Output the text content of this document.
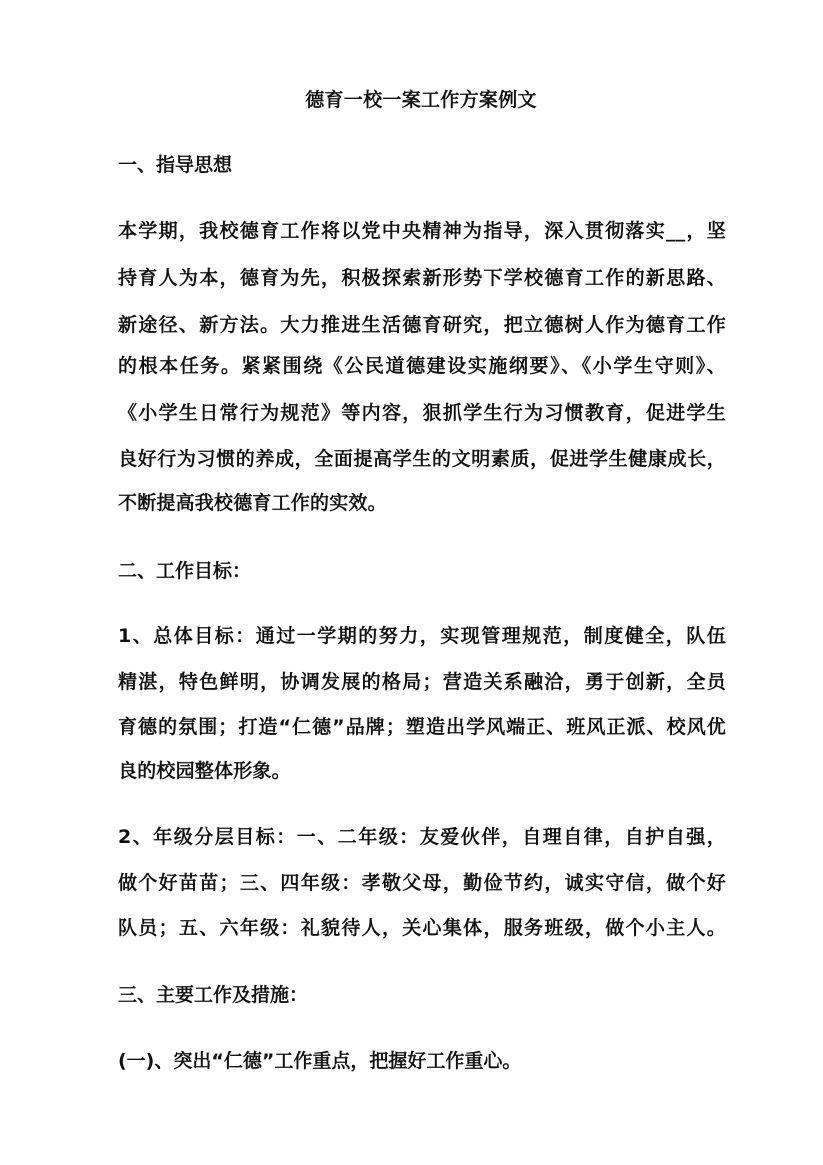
德育一校一案工作方案例文
一、指导思想

本学期，我校德育工作将以党中央精神为指导，深入贯彻落实__，坚

持育人为本，德育为先，积极探索新形势下学校德育工作的新思路、

新途径、新方法。大力推进生活德育研究，把立德树人作为德育工作

的根本任务。紧紧围绕《公民道德建设实施纲要》、《小学生守则》、

《小学生日常行为规范》等内容，狠抓学生行为习惯教育，促进学生

良好行为习惯的养成，全面提高学生的文明素质，促进学生健康成长，

不断提高我校德育工作的实效。

二、工作目标：

1、总体目标：通过一学期的努力，实现管理规范，制度健全，队伍

精湛，特色鲜明，协调发展的格局；营造关系融洽，勇于创新，全员

育德的氛围；打造“仁德”品牌；塑造出学风端正、班风正派、校风优

良的校园整体形象。

2、年级分层目标：一、二年级：友爱伙伴，自理自律，自护自强，

做个好苗苗；三、四年级：孝敬父母，勤俭节约，诚实守信，做个好

队员；五、六年级：礼貌待人，关心集体，服务班级，做个小主人。

三、主要工作及措施：
(一)、突出“仁德”工作重点，把握好工作重心。
